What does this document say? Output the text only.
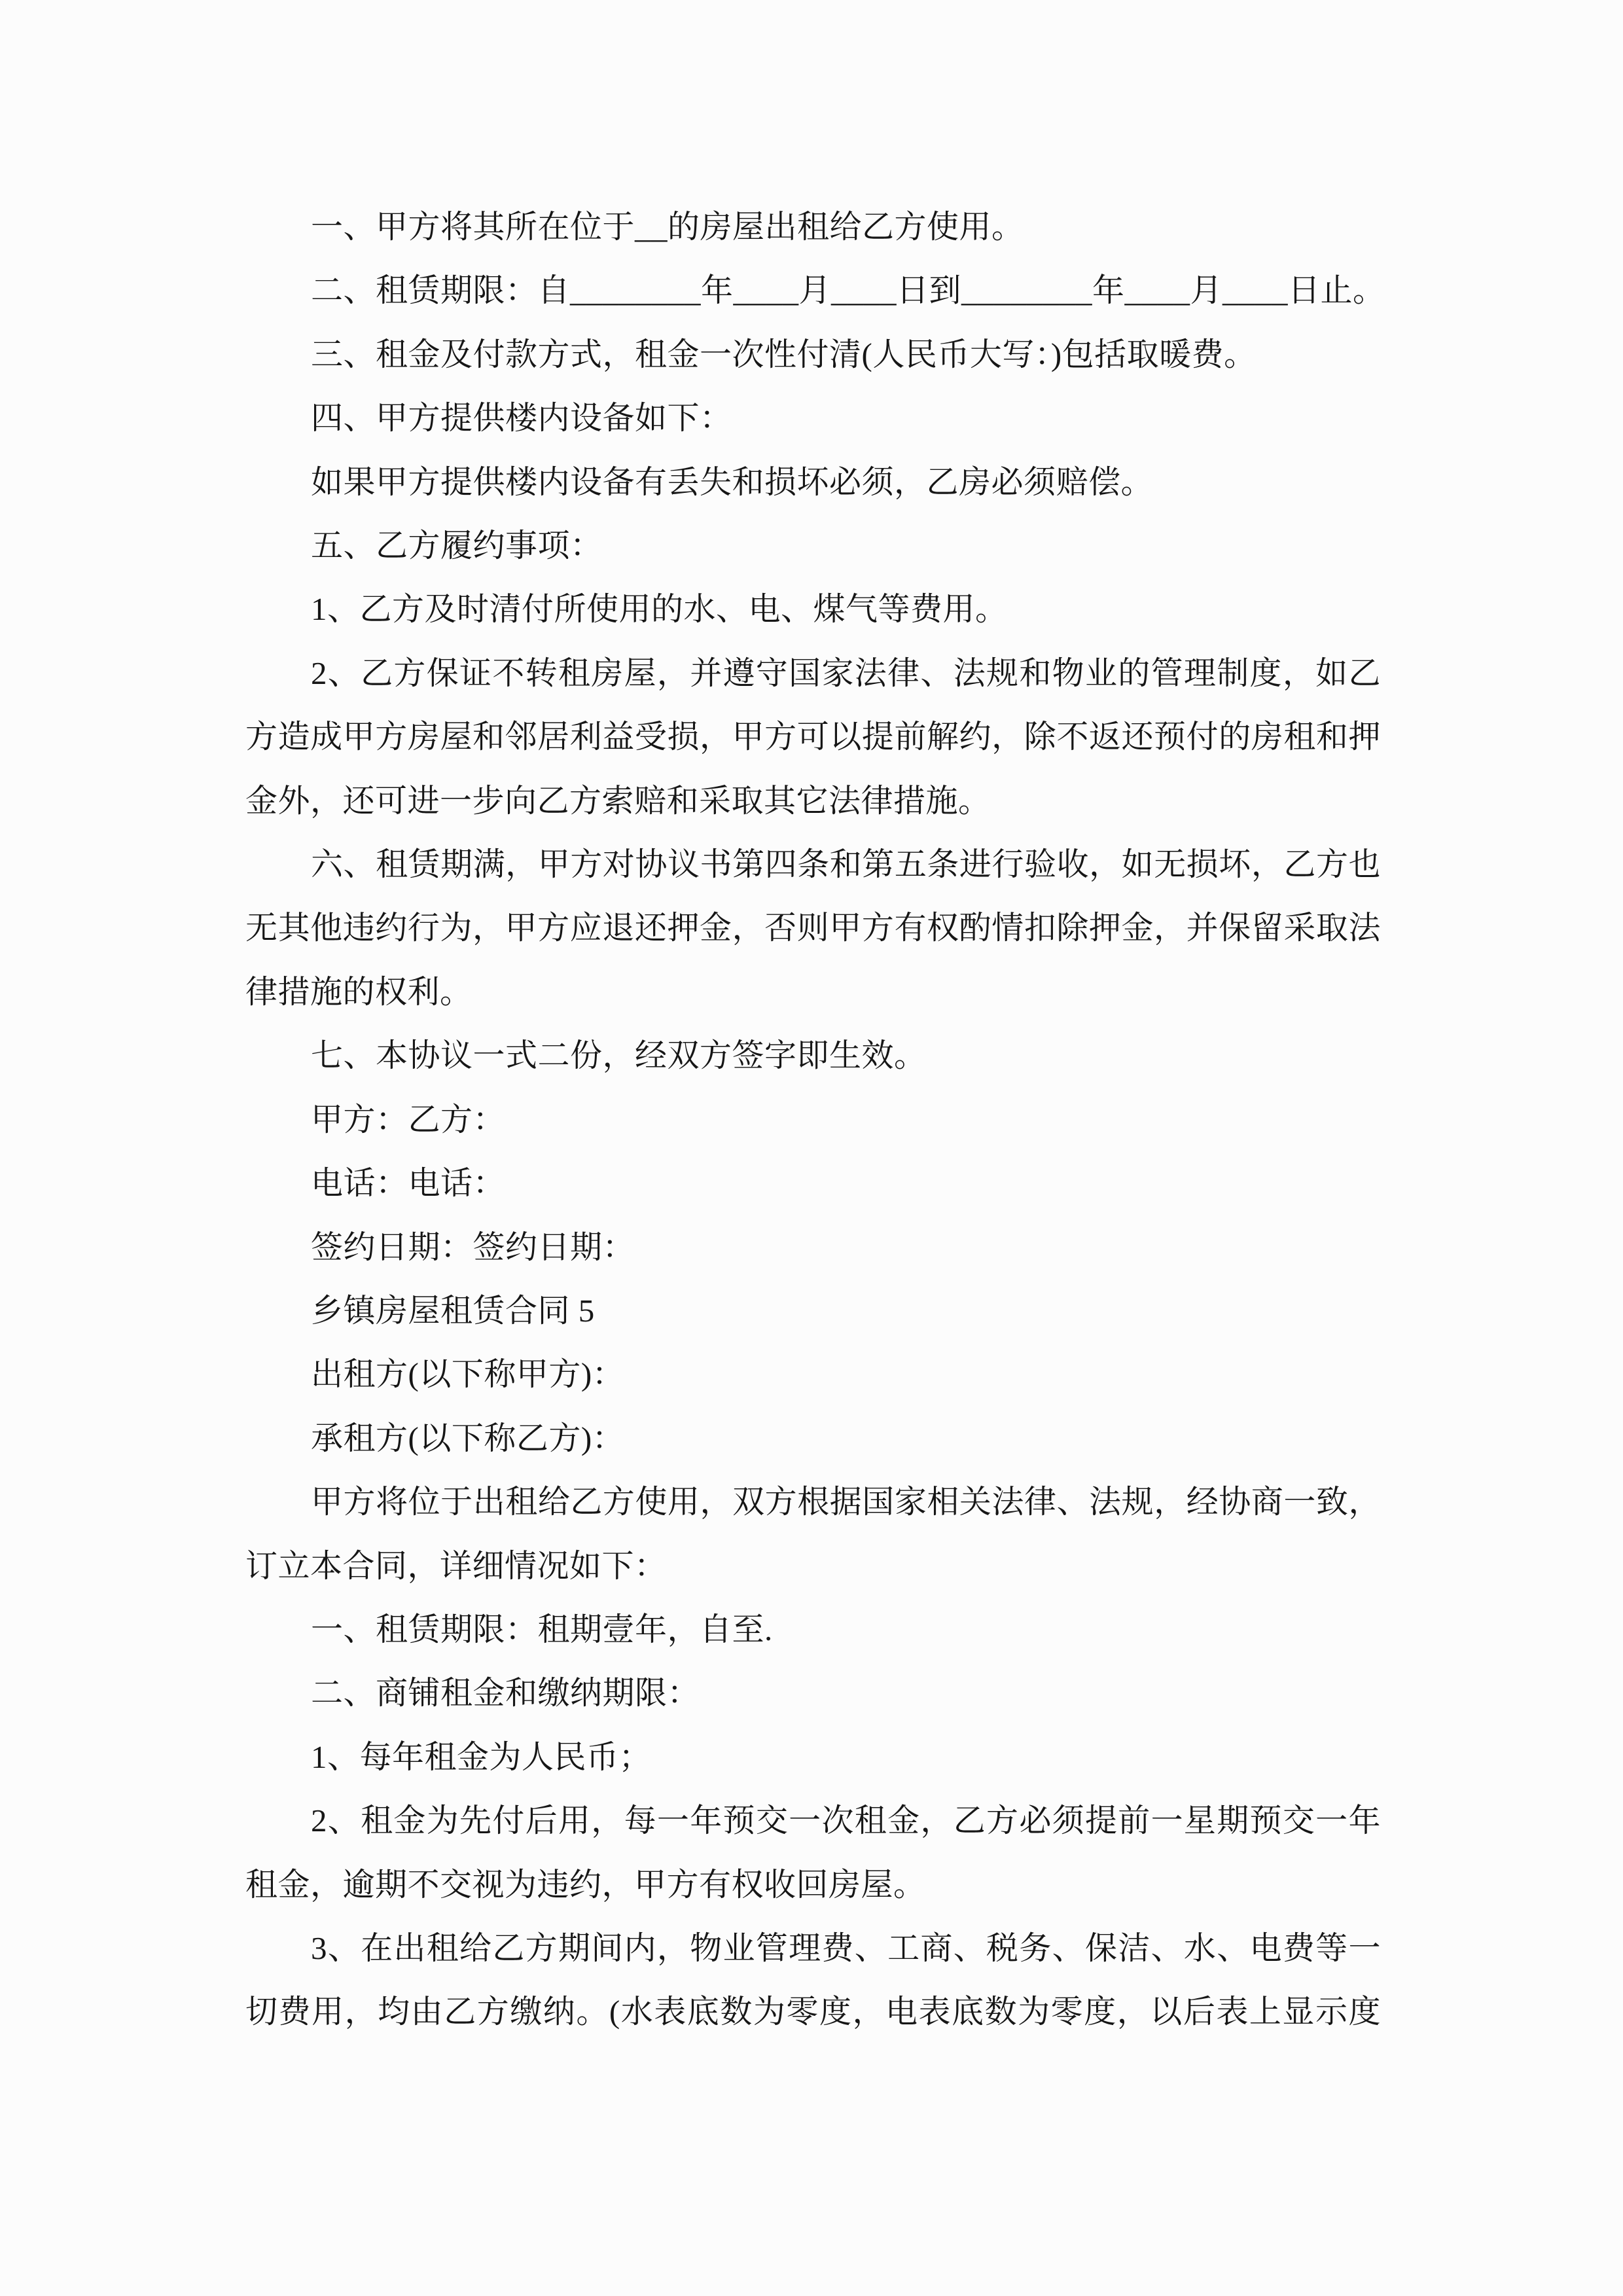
一、甲方将其所在位于__的房屋出租给乙方使用。
二、租赁期限：自________年____月____日到________年____月____日止。
三、租金及付款方式，租金一次性付清(人民币大写：)包括取暖费。
四、甲方提供楼内设备如下：
如果甲方提供楼内设备有丢失和损坏必须，乙房必须赔偿。
五、乙方履约事项：
1、乙方及时清付所使用的水、电、煤气等费用。
2、乙方保证不转租房屋，并遵守国家法律、法规和物业的管理制度，如乙
方造成甲方房屋和邻居利益受损，甲方可以提前解约，除不返还预付的房租和押
金外，还可进一步向乙方索赔和采取其它法律措施。
六、租赁期满，甲方对协议书第四条和第五条进行验收，如无损坏，乙方也
无其他违约行为，甲方应退还押金，否则甲方有权酌情扣除押金，并保留采取法
律措施的权利。
七、本协议一式二份，经双方签字即生效。
甲方：乙方：
电话：电话：
签约日期：签约日期：
乡镇房屋租赁合同 5
出租方(以下称甲方)：
承租方(以下称乙方)：
甲方将位于出租给乙方使用，双方根据国家相关法律、法规，经协商一致，
订立本合同，详细情况如下：
一、租赁期限：租期壹年，自至.
二、商铺租金和缴纳期限：
1、每年租金为人民币；
2、租金为先付后用，每一年预交一次租金，乙方必须提前一星期预交一年
租金，逾期不交视为违约，甲方有权收回房屋。
3、在出租给乙方期间内，物业管理费、工商、税务、保洁、水、电费等一
切费用，均由乙方缴纳。(水表底数为零度，电表底数为零度，以后表上显示度
